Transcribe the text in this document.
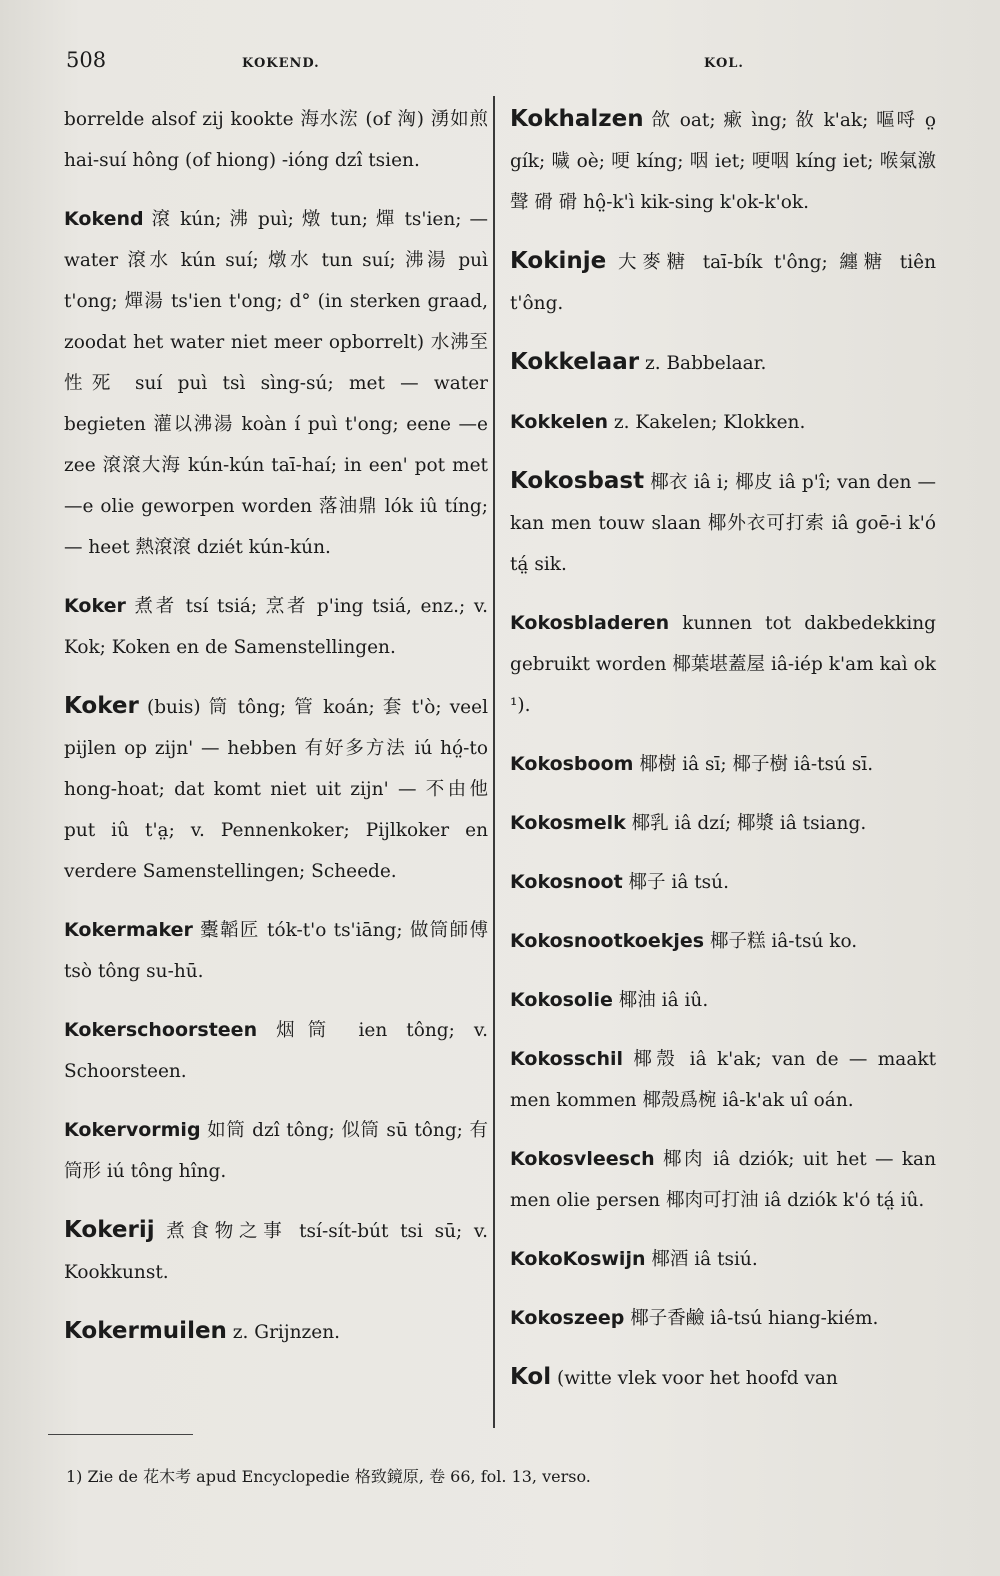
508	KOKEND.	KOL.

borrelde alsof zij kookte 海水浤 (of 洶) 湧如煎 hai-suí hông (of hiong) -ióng dzî tsien.

Kokend 滾 kún; 沸 puì; 燉 tun; 燀 ts'ien; — water 滾水 kún suí; 燉水 tun suí; 沸湯 puì t'ong; 燀湯 ts'ien t'ong; d° (in sterken graad, zoodat het water niet meer opborrelt) 水沸至性死 suí puì tsì sìng-sú; met — water begieten 灌以沸湯 koàn í puì t'ong; eene —e zee 滾滾大海 kún-kún taī-haí; in een' pot met —e olie geworpen worden 落油鼎 lók iû tíng; — heet 熱滾滾 dziét kún-kún.

Koker 煮者 tsí tsiá; 烹者 p'ing tsiá, enz.; v. Kok; Koken en de Samenstellingen.

Koker (buis) 筒 tông; 管 koán; 套 t'ò; veel pijlen op zijn' — hebben 有好多方法 iú hó̤-to hong-hoat; dat komt niet uit zijn' — 不由他 put iû t'a̤; v. Pennenkoker; Pijlkoker en verdere Samenstellingen; Scheede.

Kokermaker 櫜韜匠 tók-t'o ts'iāng; 做筒師傅 tsò tông su-hū.

Kokerschoorsteen 烟筒 ien tông; v. Schoorsteen.

Kokervormig 如筒 dzî tông; 似筒 sū tông; 有筒形 iú tông hîng.

Kokerij 煮食物之事 tsí-sít-bút tsi sū; v. Kookkunst.

Kokermuilen z. Grijnzen.

Kokhalzen 欱 oat; 瘶 ìng; 敋 k'ak; 嘔哷 o̤ gík; 噦 oè; 哽 kíng; 咽 iet; 哽咽 kíng iet; 喉氣激聲 磆 磆 hô̤-k'ì kik-sing k'ok-k'ok.

Kokinje 大麥糖 taī-bík t'ông; 纏糖 tiên t'ông.

Kokkelaar z. Babbelaar.

Kokkelen z. Kakelen; Klokken.

Kokosbast 椰衣 iâ i; 椰皮 iâ p'î; van den — kan men touw slaan 椰外衣可打索 iâ goē-i k'ó tá̤ sik.

Kokosbladeren kunnen tot dakbedekking gebruikt worden 椰葉堪蓋屋 iâ-iép k'am kaì ok ¹).

Kokosboom 椰樹 iâ sī; 椰子樹 iâ-tsú sī.

Kokosmelk 椰乳 iâ dzí; 椰漿 iâ tsiang.

Kokosnoot 椰子 iâ tsú.

Kokosnootkoekjes 椰子糕 iâ-tsú ko.

Kokosolie 椰油 iâ iû.

Kokosschil 椰殼 iâ k'ak; van de — maakt men kommen 椰殼爲椀 iâ-k'ak uî oán.

Kokosvleesch 椰肉 iâ dziók; uit het — kan men olie persen 椰肉可打油 iâ dziók k'ó tá̤ iû.

KokoKoswijn 椰酒 iâ tsiú.

Kokoszeep 椰子香鹼 iâ-tsú hiang-kiém.

Kol (witte vlek voor het hoofd van

1) Zie de 花木考 apud Encyclopedie 格致鏡原, 卷 66, fol. 13, verso.
